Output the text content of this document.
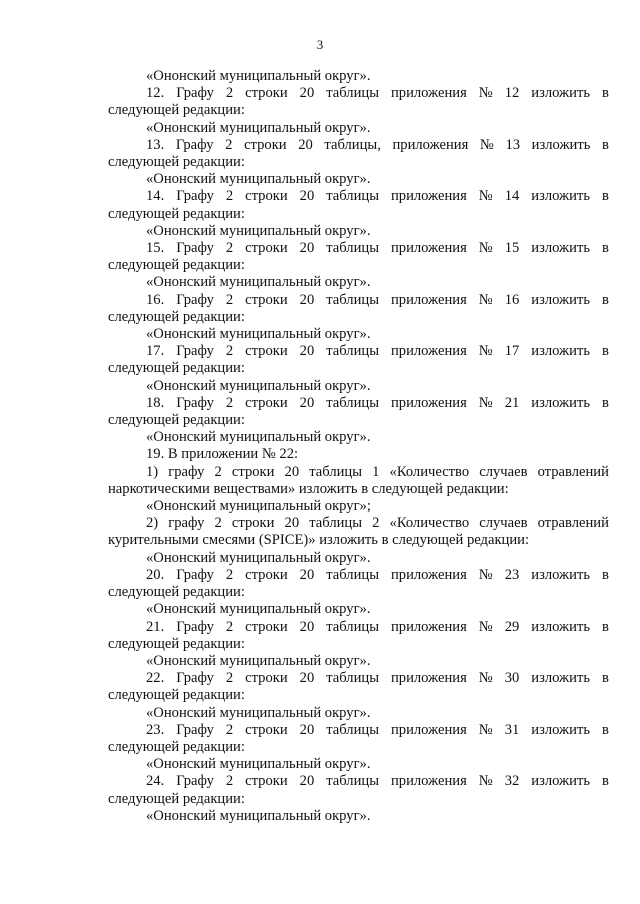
3

«Ононский муниципальный округ».

12. Графу 2 строки 20 таблицы приложения № 12 изложить в
следующей редакции:

«Ононский муниципальный округ».

13. Графу 2 строки 20 таблицы, приложения № 13 изложить в
следующей редакции:

«Ононский муниципальный округ».

14. Графу 2 строки 20 таблицы приложения № 14 изложить в
следующей редакции:

«Ононский муниципальный округ».

15. Графу 2 строки 20 таблицы приложения № 15 изложить в
следующей редакции:

«Ононский муниципальный округ».

16. Графу 2 строки 20 таблицы приложения № 16 изложить в
следующей редакции:

«Ононский муниципальный округ».

17. Графу 2 строки 20 таблицы приложения № 17 изложить в
следующей редакции:

«Ононский муниципальный округ».

18. Графу 2 строки 20 таблицы приложения № 21 изложить в
следующей редакции:

«Ононский муниципальный округ».

19. В приложении № 22:

1) графу 2 строки 20 таблицы 1 «Количество случаев отравлений
наркотическими веществами» изложить в следующей редакции:

«Ононский муниципальный округ»;

2) графу 2 строки 20 таблицы 2 «Количество случаев отравлений
курительными смесями (SPICE)» изложить в следующей редакции:

«Ононский муниципальный округ».

20. Графу 2 строки 20 таблицы приложения № 23 изложить в
следующей редакции:

«Ононский муниципальный округ».

21. Графу 2 строки 20 таблицы приложения № 29 изложить в
следующей редакции:

«Ононский муниципальный округ».

22. Графу 2 строки 20 таблицы приложения № 30 изложить в
следующей редакции:

«Ононский муниципальный округ».

23. Графу 2 строки 20 таблицы приложения № 31 изложить в
следующей редакции:

«Ононский муниципальный округ».

24. Графу 2 строки 20 таблицы приложения № 32 изложить в
следующей редакции:

«Ононский муниципальный округ».
